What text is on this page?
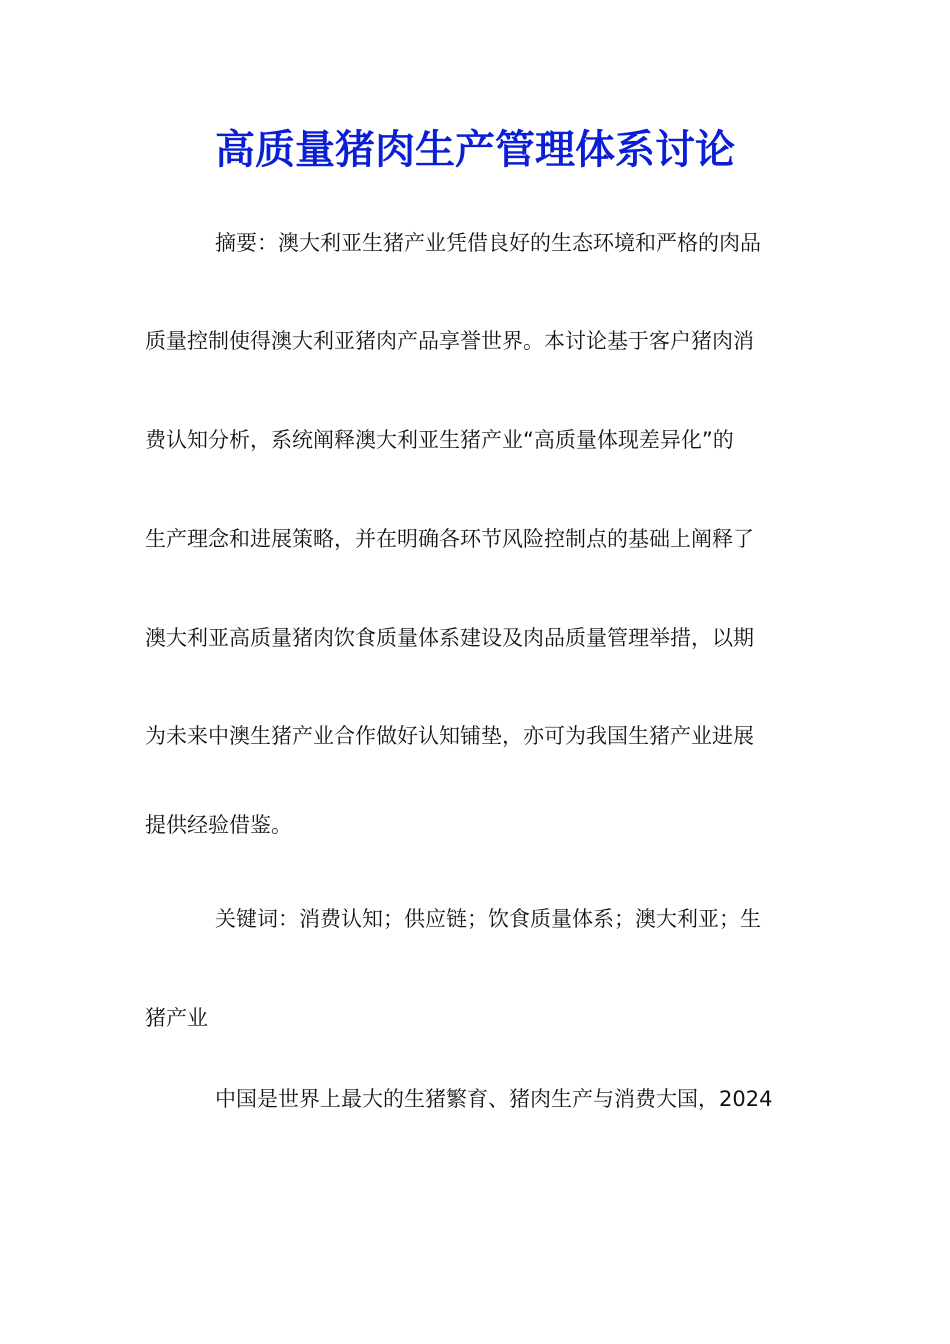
高质量猪肉生产管理体系讨论

摘要：澳大利亚生猪产业凭借良好的生态环境和严格的肉品

质量控制使得澳大利亚猪肉产品享誉世界。本讨论基于客户猪肉消

费认知分析，系统阐释澳大利亚生猪产业“高质量体现差异化”的

生产理念和进展策略，并在明确各环节风险控制点的基础上阐释了

澳大利亚高质量猪肉饮食质量体系建设及肉品质量管理举措，以期

为未来中澳生猪产业合作做好认知铺垫，亦可为我国生猪产业进展

提供经验借鉴。

关键词：消费认知；供应链；饮食质量体系；澳大利亚；生

猪产业

中国是世界上最大的生猪繁育、猪肉生产与消费大国，2024
